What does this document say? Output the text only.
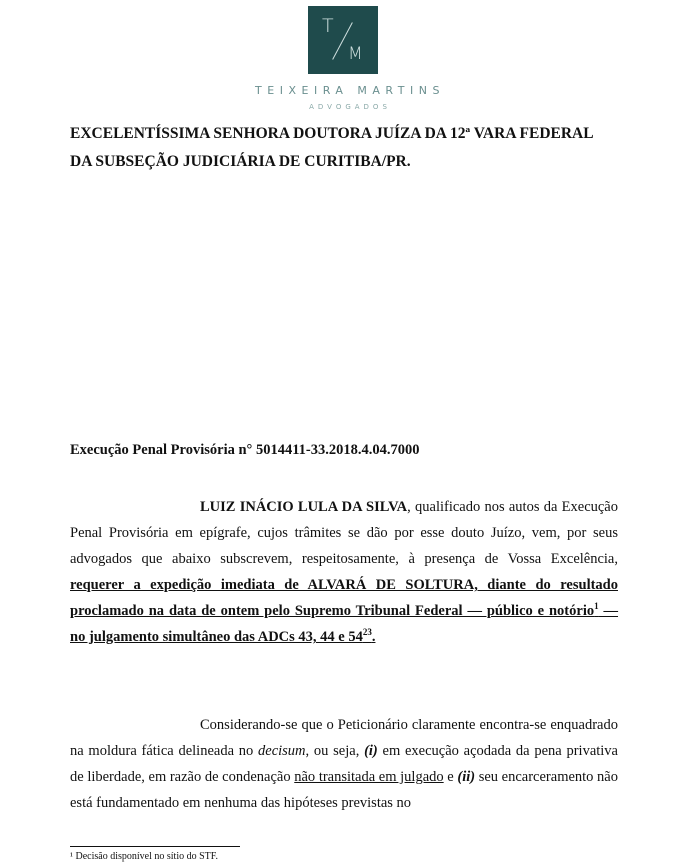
T
M
TEIXEIRA MARTINS
ADVOGADOS
EXCELENTÍSSIMA SENHORA DOUTORA JUÍZA DA 12ª VARA FEDERAL
DA SUBSEÇÃO JUDICIÁRIA DE CURITIBA/PR.
Execução Penal Provisória n° 5014411-33.2018.4.04.7000
LUIZ INÁCIO LULA DA SILVA, qualificado nos autos da Execução Penal Provisória em epígrafe, cujos trâmites se dão por esse douto Juízo, vem, por seus advogados que abaixo subscrevem, respeitosamente, à presença de Vossa Excelência, requerer a expedição imediata de ALVARÁ DE SOLTURA, diante do resultado proclamado na data de ontem pelo Supremo Tribunal Federal — público e notório$^1$ — no julgamento simultâneo das ADCs 43, 44 e $54^{23}$.
Considerando-se que o Peticionário claramente encontra-se enquadrado na moldura fática delineada no decisum, ou seja, (i) em execução açodada da pena privativa de liberdade, em razão de condenação não transitada em julgado e (ii) seu encarceramento não está fundamentado em nenhuma das hipóteses previstas no
¹ Decisão disponível no sítio do STF.
